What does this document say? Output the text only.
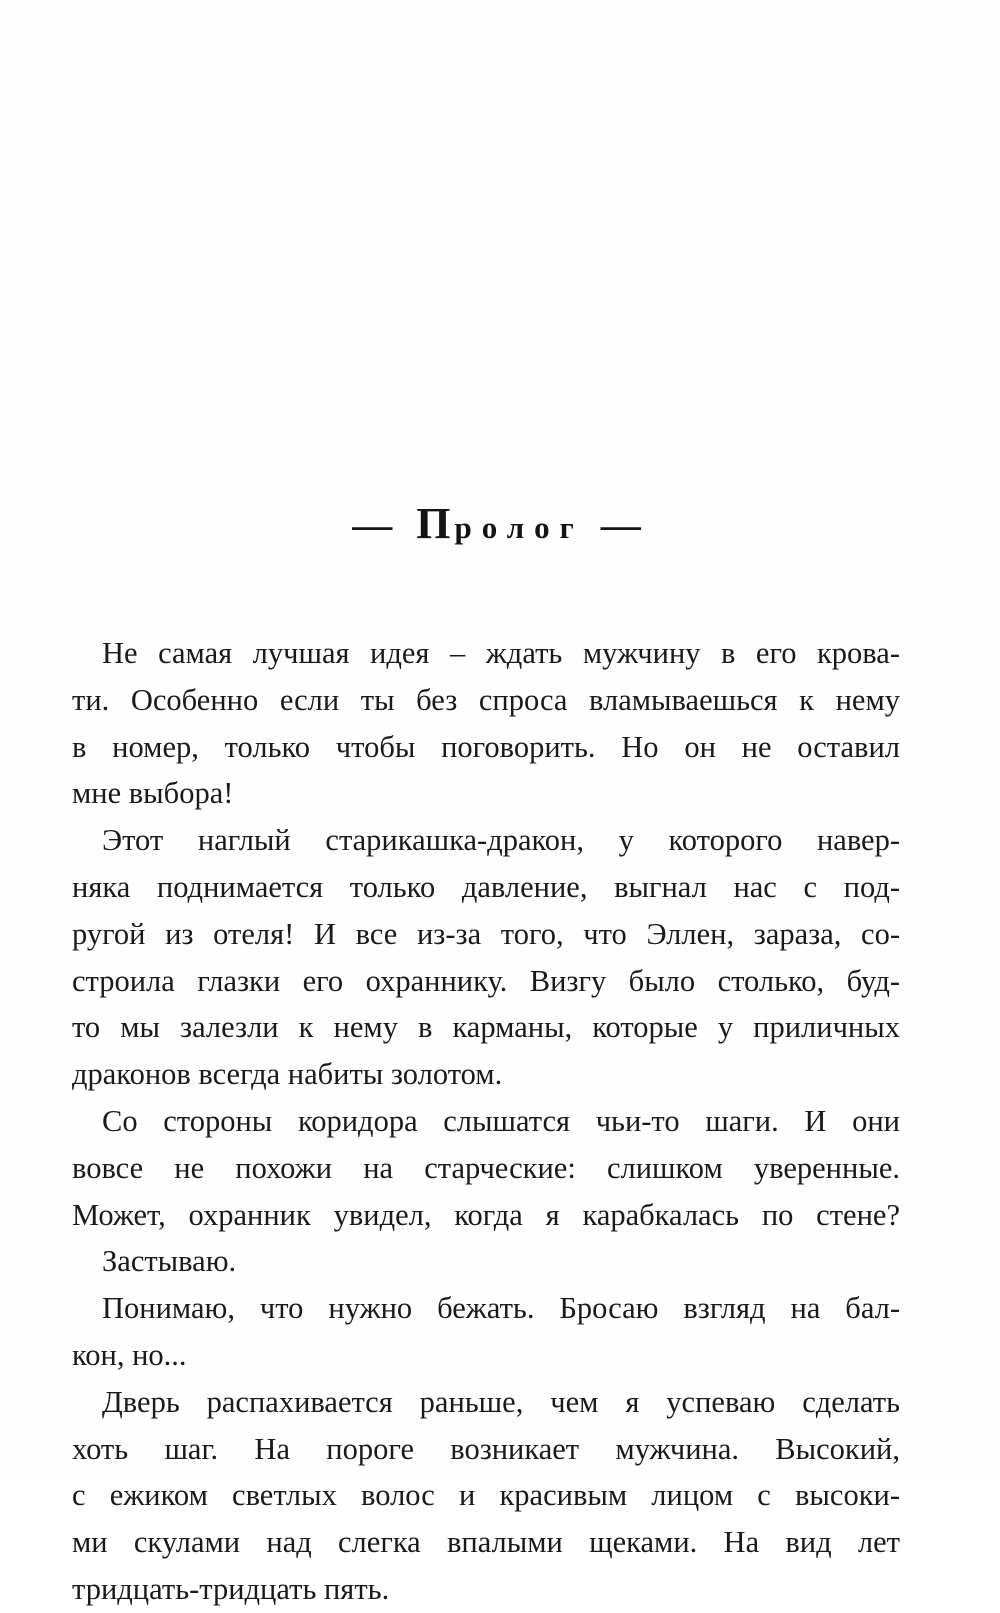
— Пролог —
Не самая лучшая идея – ждать мужчину в его крова-
ти. Особенно если ты без спроса вламываешься к нему
в номер, только чтобы поговорить. Но он не оставил
мне выбора!
Этот наглый старикашка-дракон, у которого навер-
няка поднимается только давление, выгнал нас с под-
ругой из отеля! И все из-за того, что Эллен, зараза, со-
строила глазки его охраннику. Визгу было столько, буд-
то мы залезли к нему в карманы, которые у приличных
драконов всегда набиты золотом.
Со стороны коридора слышатся чьи-то шаги. И они
вовсе не похожи на старческие: слишком уверенные.
Может, охранник увидел, когда я карабкалась по стене?
Застываю.
Понимаю, что нужно бежать. Бросаю взгляд на бал-
кон, но...
Дверь распахивается раньше, чем я успеваю сделать
хоть шаг. На пороге возникает мужчина. Высокий,
с ежиком светлых волос и красивым лицом с высоки-
ми скулами над слегка впалыми щеками. На вид лет
тридцать-тридцать пять.
